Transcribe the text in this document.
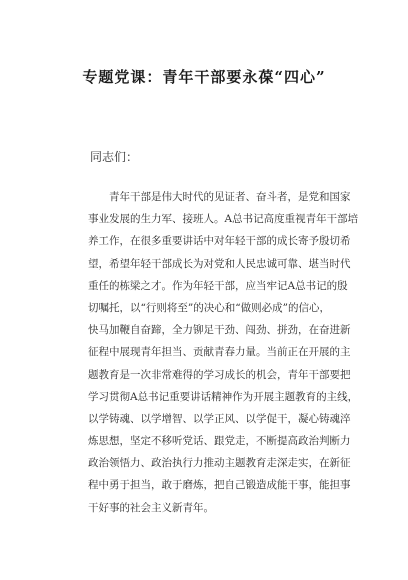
专题党课：青年干部要永葆“四心”
同志们：
　　青年干部是伟大时代的见证者、奋斗者，是党和国家
事业发展的生力军、接班人。A总书记高度重视青年干部培
养工作，在很多重要讲话中对年轻干部的成长寄予殷切希
望，希望年轻干部成长为对党和人民忠诚可靠、堪当时代
重任的栋梁之才。作为年轻干部，应当牢记A总书记的殷
切嘱托，以“行则将至”的决心和“做则必成”的信心，
快马加鞭自奋蹄，全力铆足干劲、闯劲、拼劲，在奋进新
征程中展现青年担当、贡献青春力量。当前正在开展的主
题教育是一次非常难得的学习成长的机会，青年干部要把
学习贯彻A总书记重要讲话精神作为开展主题教育的主线，
以学铸魂、以学增智、以学正风、以学促干，凝心铸魂淬
炼思想，坚定不移听党话、跟党走，不断提高政治判断力
政治领悟力、政治执行力推动主题教育走深走实，在新征
程中勇于担当，敢于磨炼，把自己锻造成能干事，能担事
干好事的社会主义新青年。
